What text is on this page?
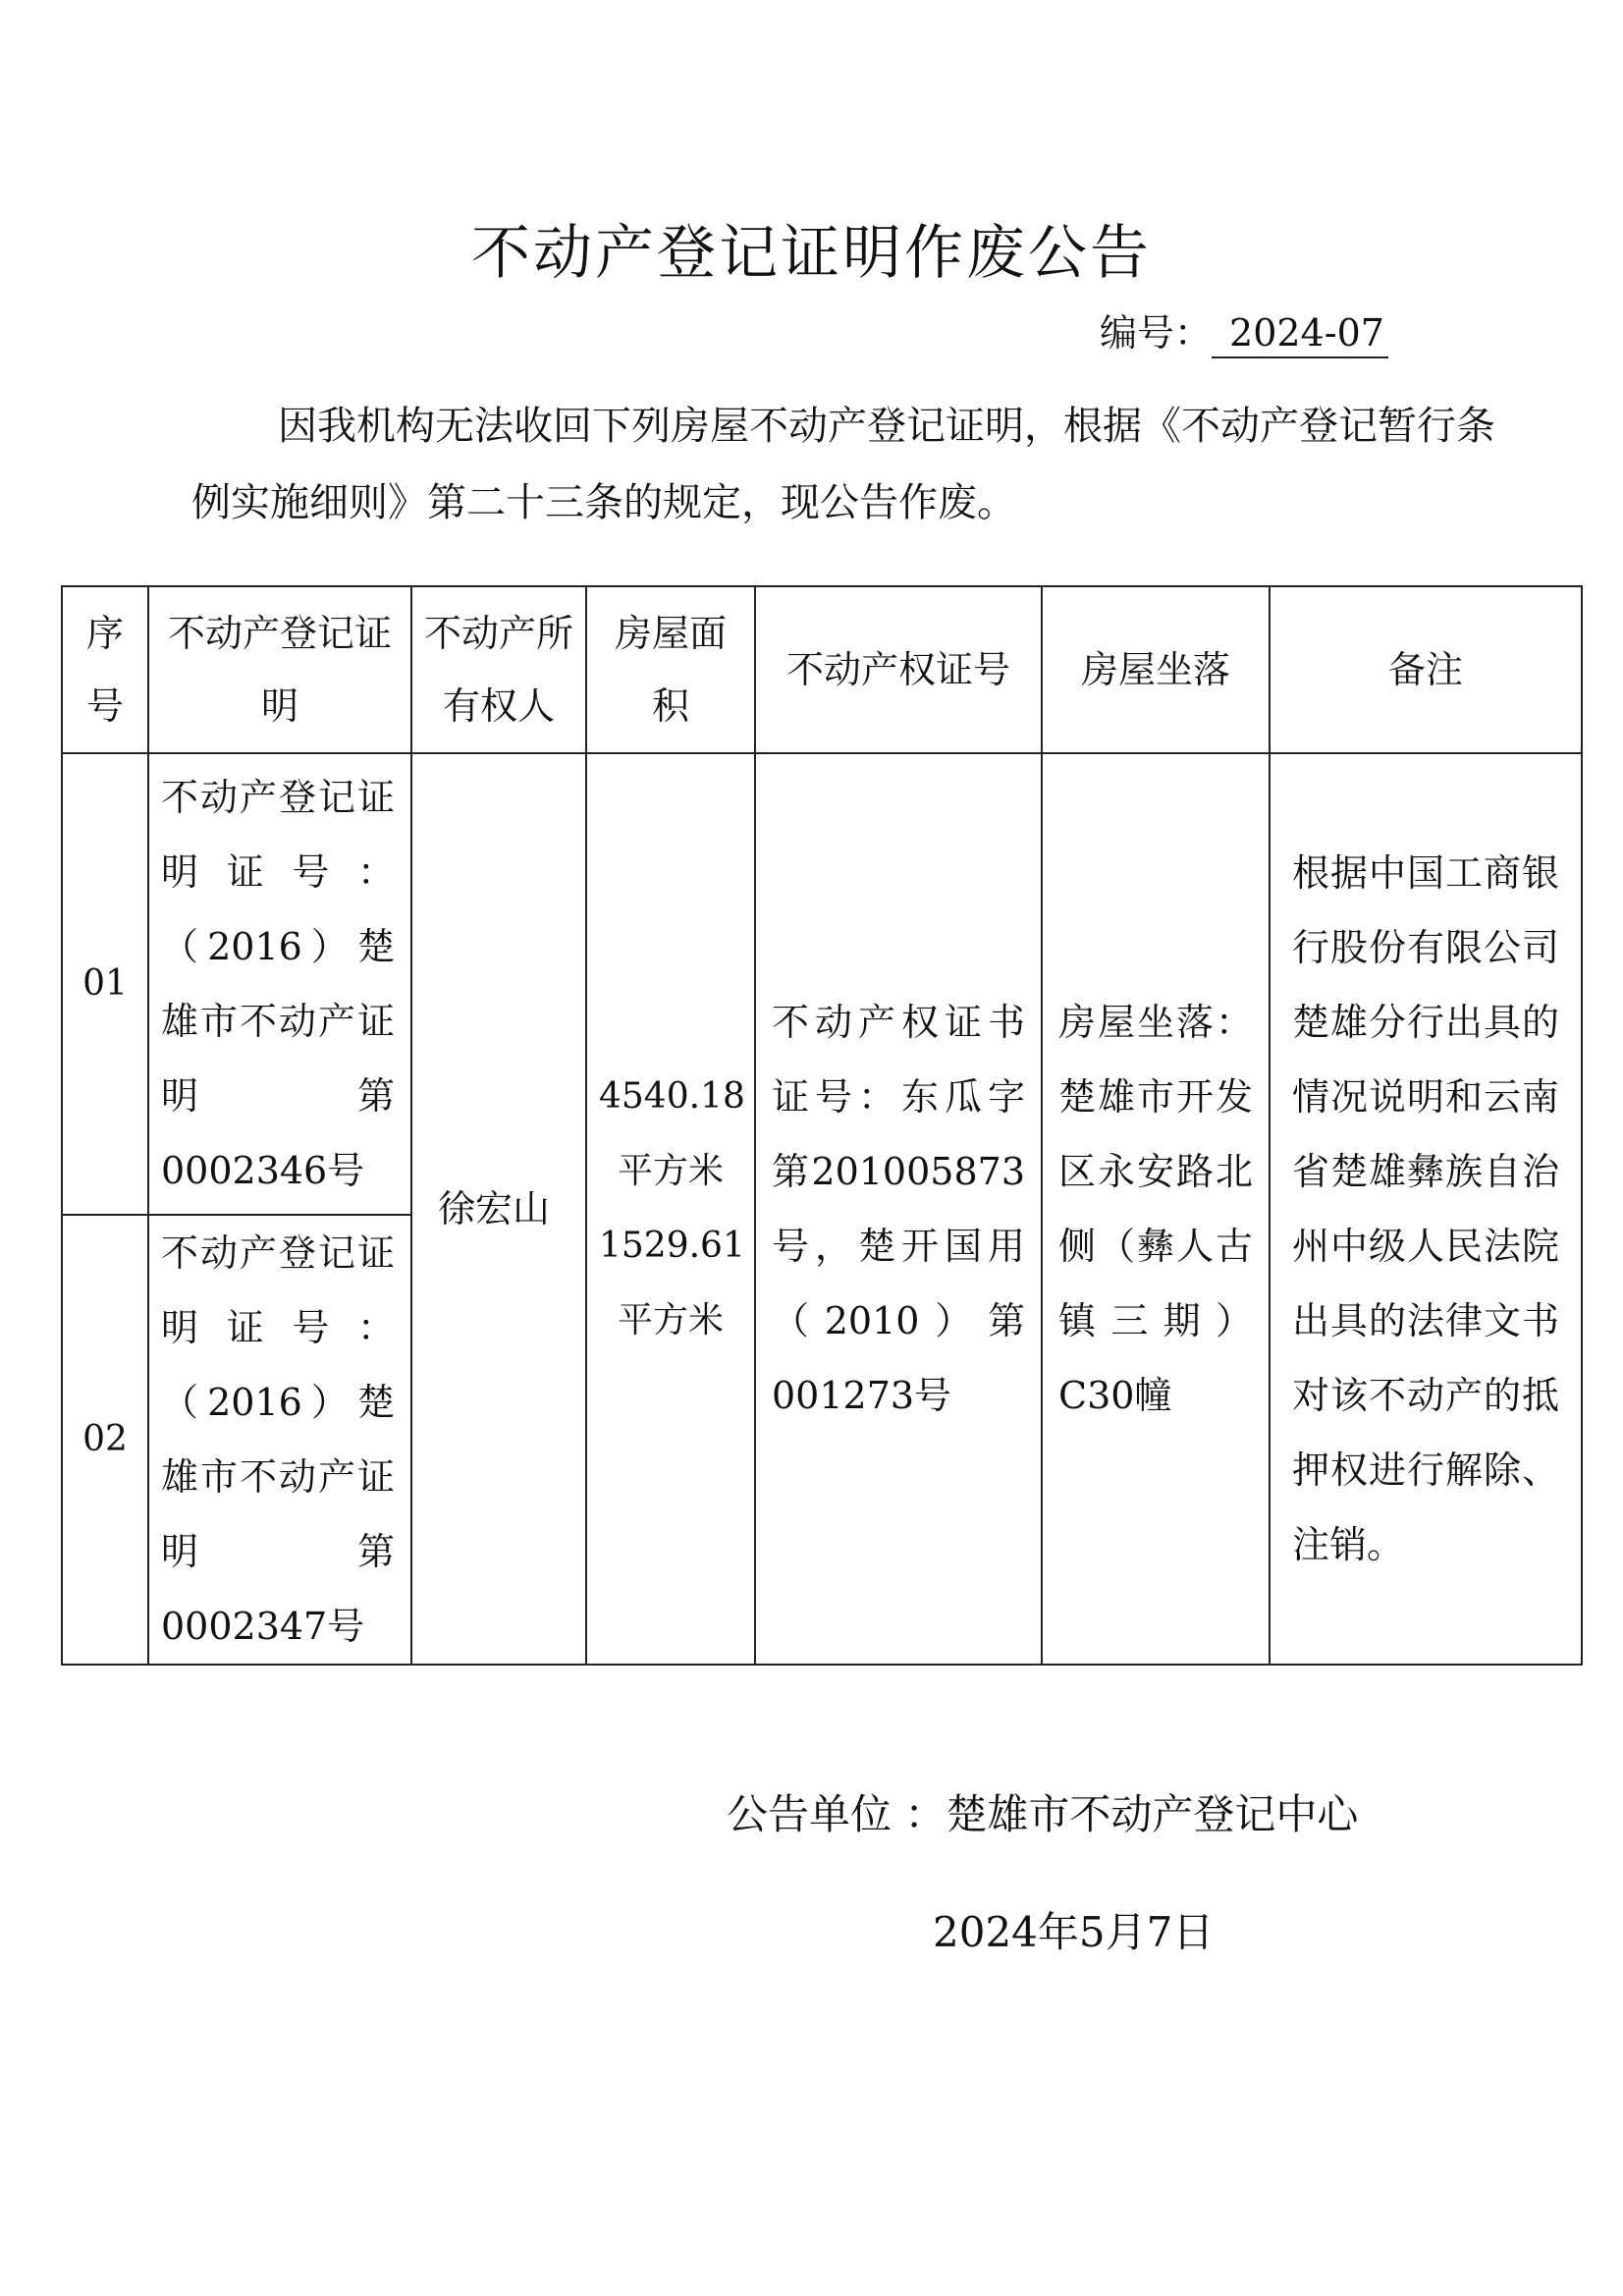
不动产登记证明作废公告
编号： 2024-07

因我机构无法收回下列房屋不动产登记证明，根据《不动产登记暂行条例实施细则》第二十三条的规定，现公告作废。

序号	不动产登记证明	不动产所有权人	房屋面积	不动产权证号	房屋坐落	备注
01	不动产登记证明证号：（2016）楚雄市不动产证明第0002346号	徐宏山	4540.18平方米1529.61平方米	不动产权证书证号：东瓜字第201005873号，楚开国用（2010）第001273号	房屋坐落：楚雄市开发区永安路北侧（彝人古镇三期）C30幢	根据中国工商银行股份有限公司楚雄分行出具的情况说明和云南省楚雄彝族自治州中级人民法院出具的法律文书对该不动产的抵押权进行解除、注销。
02	不动产登记证明证号：（2016）楚雄市不动产证明第0002347号					
公告单位 ：楚雄市不动产登记中心
2024年5月7日
